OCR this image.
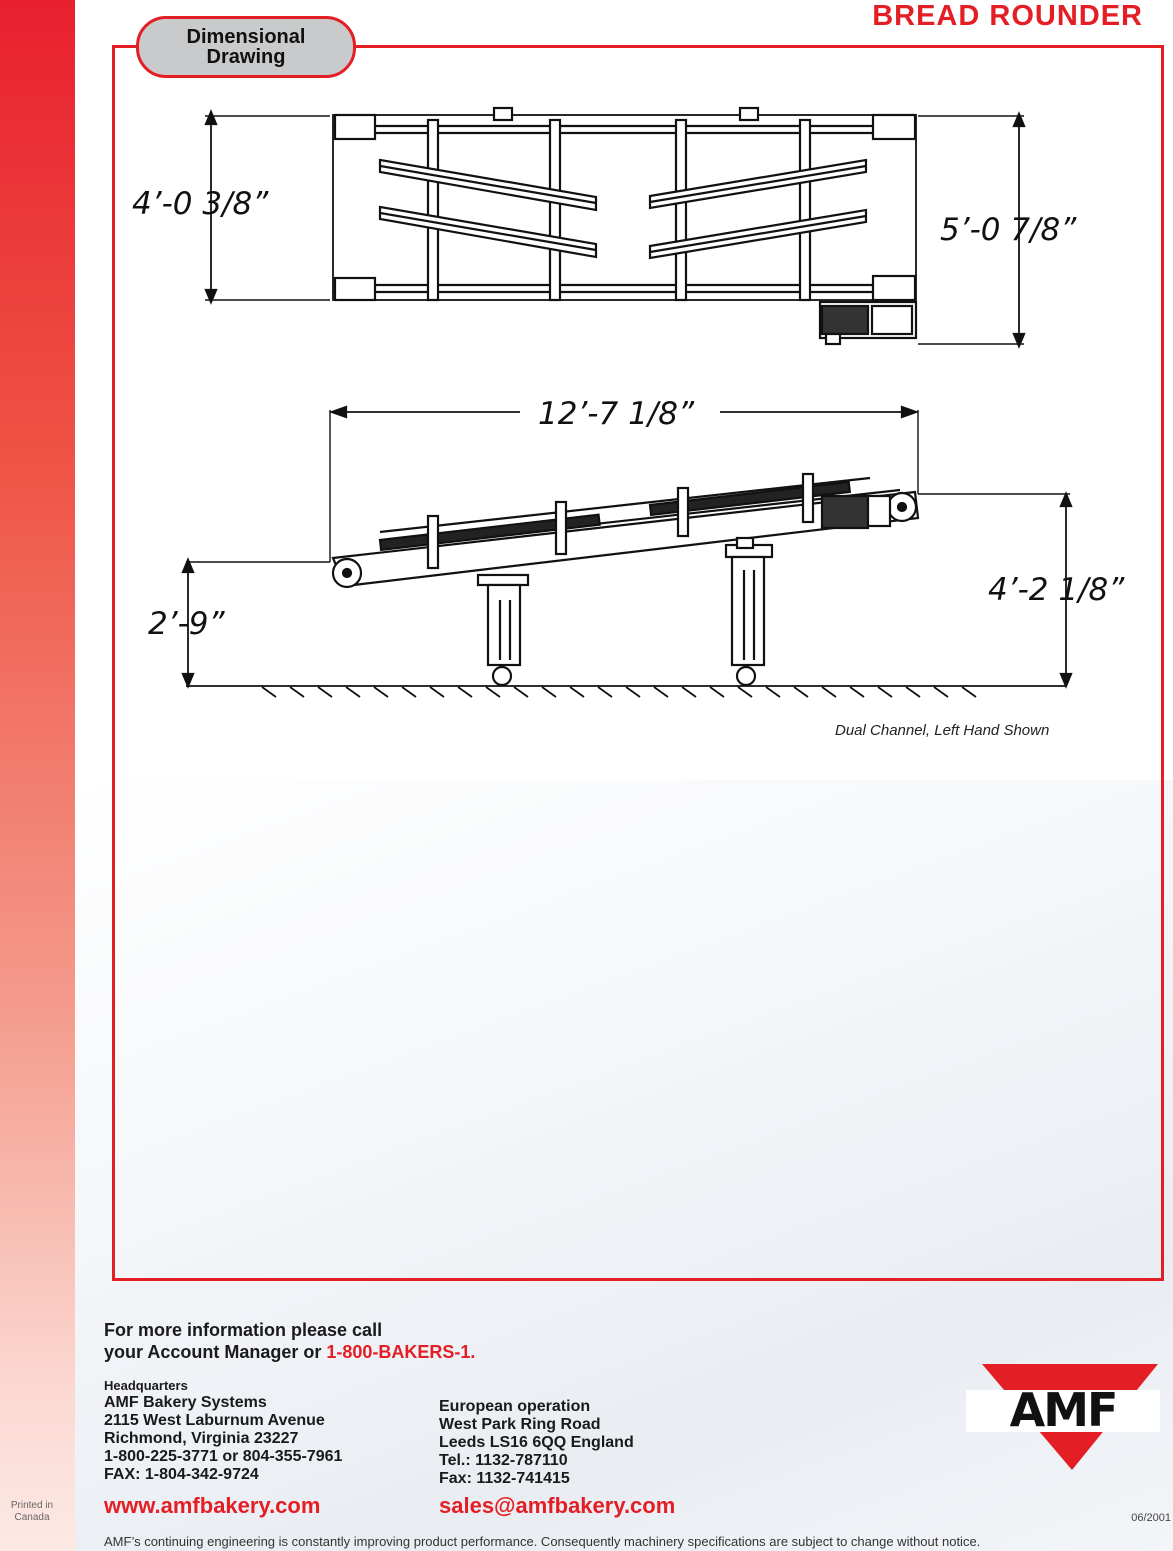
BREAD ROUNDER
Dimensional
Drawing
4’-0 3/8”
5’-0 7/8”
12’-7 1/8”
2’-9”
4’-2 1/8”
Dual Channel, Left Hand Shown
For more information please call
your Account Manager or 1-800-BAKERS-1.
Headquarters
AMF Bakery Systems
2115 West Laburnum Avenue
Richmond, Virginia 23227
1-800-225-3771 or 804-355-7961
FAX: 1-804-342-9724
European operation
West Park Ring Road
Leeds LS16 6QQ England
Tel.: 1132-787110
Fax: 1132-741415
www.amfbakery.com	sales@amfbakery.com
AMF
Printed in
Canada	06/2001
AMF’s continuing engineering is constantly improving product performance. Consequently machinery specifications are subject to change without notice.
